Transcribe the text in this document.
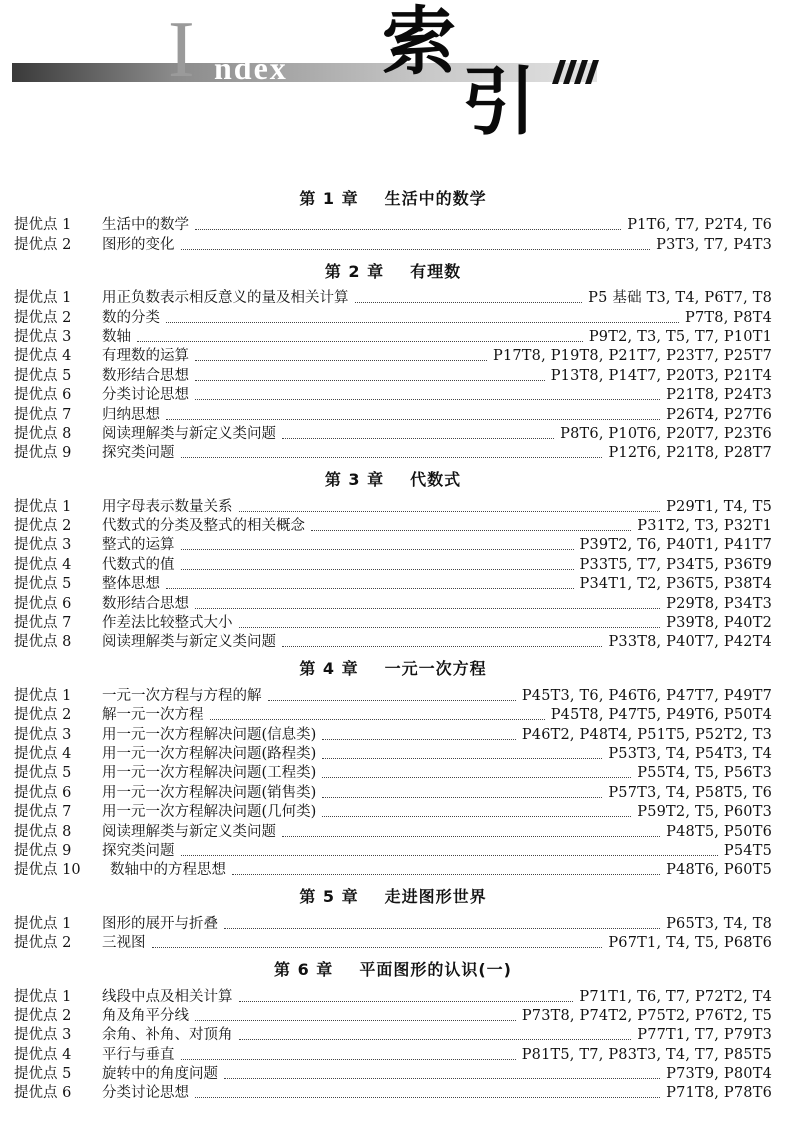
I ndex 索
引
第 1 章 生活中的数学
提优点 1	生活中的数学	P1T6, T7, P2T4, T6
提优点 2	图形的变化	P3T3, T7, P4T3
第 2 章 有理数
提优点 1	用正负数表示相反意义的量及相关计算	P5 基础 T3, T4, P6T7, T8
提优点 2	数的分类	P7T8, P8T4
提优点 3	数轴	P9T2, T3, T5, T7, P10T1
提优点 4	有理数的运算	P17T8, P19T8, P21T7, P23T7, P25T7
提优点 5	数形结合思想	P13T8, P14T7, P20T3, P21T4
提优点 6	分类讨论思想	P21T8, P24T3
提优点 7	归纳思想	P26T4, P27T6
提优点 8	阅读理解类与新定义类问题	P8T6, P10T6, P20T7, P23T6
提优点 9	探究类问题	P12T6, P21T8, P28T7
第 3 章 代数式
提优点 1	用字母表示数量关系	P29T1, T4, T5
提优点 2	代数式的分类及整式的相关概念	P31T2, T3, P32T1
提优点 3	整式的运算	P39T2, T6, P40T1, P41T7
提优点 4	代数式的值	P33T5, T7, P34T5, P36T9
提优点 5	整体思想	P34T1, T2, P36T5, P38T4
提优点 6	数形结合思想	P29T8, P34T3
提优点 7	作差法比较整式大小	P39T8, P40T2
提优点 8	阅读理解类与新定义类问题	P33T8, P40T7, P42T4
第 4 章 一元一次方程
提优点 1	一元一次方程与方程的解	P45T3, T6, P46T6, P47T7, P49T7
提优点 2	解一元一次方程	P45T8, P47T5, P49T6, P50T4
提优点 3	用一元一次方程解决问题(信息类)	P46T2, P48T4, P51T5, P52T2, T3
提优点 4	用一元一次方程解决问题(路程类)	P53T3, T4, P54T3, T4
提优点 5	用一元一次方程解决问题(工程类)	P55T4, T5, P56T3
提优点 6	用一元一次方程解决问题(销售类)	P57T3, T4, P58T5, T6
提优点 7	用一元一次方程解决问题(几何类)	P59T2, T5, P60T3
提优点 8	阅读理解类与新定义类问题	P48T5, P50T6
提优点 9	探究类问题	P54T5
提优点 10	数轴中的方程思想	P48T6, P60T5
第 5 章 走进图形世界
提优点 1	图形的展开与折叠	P65T3, T4, T8
提优点 2	三视图	P67T1, T4, T5, P68T6
第 6 章 平面图形的认识(一)
提优点 1	线段中点及相关计算	P71T1, T6, T7, P72T2, T4
提优点 2	角及角平分线	P73T8, P74T2, P75T2, P76T2, T5
提优点 3	余角、补角、对顶角	P77T1, T7, P79T3
提优点 4	平行与垂直	P81T5, T7, P83T3, T4, T7, P85T5
提优点 5	旋转中的角度问题	P73T9, P80T4
提优点 6	分类讨论思想	P71T8, P78T6
